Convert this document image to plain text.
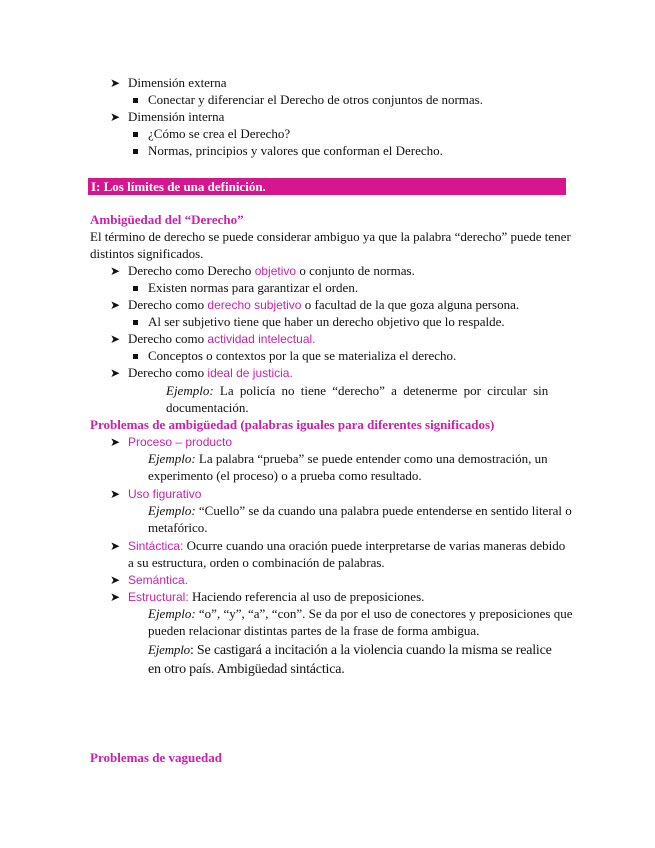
➤ Dimensión externa
Conectar y diferenciar el Derecho de otros conjuntos de normas.
➤ Dimensión interna
¿Cómo se crea el Derecho?
Normas, principios y valores que conforman el Derecho.
I: Los límites de una definición.
Ambigüedad del “Derecho”
El término de derecho se puede considerar ambiguo ya que la palabra “derecho” puede tener
distintos significados.
➤ Derecho como Derecho objetivo o conjunto de normas.
Existen normas para garantizar el orden.
➤ Derecho como derecho subjetivo o facultad de la que goza alguna persona.
Al ser subjetivo tiene que haber un derecho objetivo que lo respalde.
➤ Derecho como actividad intelectual.
Conceptos o contextos por la que se materializa el derecho.
➤ Derecho como ideal de justicia.
Ejemplo: La policía no tiene “derecho” a detenerme por circular sin
documentación.
Problemas de ambigüedad (palabras iguales para diferentes significados)
➤ Proceso – producto
Ejemplo: La palabra “prueba” se puede entender como una demostración, un
experimento (el proceso) o a prueba como resultado.
➤ Uso figurativo
Ejemplo: “Cuello” se da cuando una palabra puede entenderse en sentido literal o
metafórico.
➤ Sintáctica: Ocurre cuando una oración puede interpretarse de varias maneras debido
a su estructura, orden o combinación de palabras.
➤ Semántica.
➤ Estructural: Haciendo referencia al uso de preposiciones.
Ejemplo: “o”, “y”, “a”, “con”. Se da por el uso de conectores y preposiciones que
pueden relacionar distintas partes de la frase de forma ambigua.
Ejemplo: Se castigará a incitación a la violencia cuando la misma se realice
en otro país. Ambigüedad sintáctica.
Problemas de vaguedad
